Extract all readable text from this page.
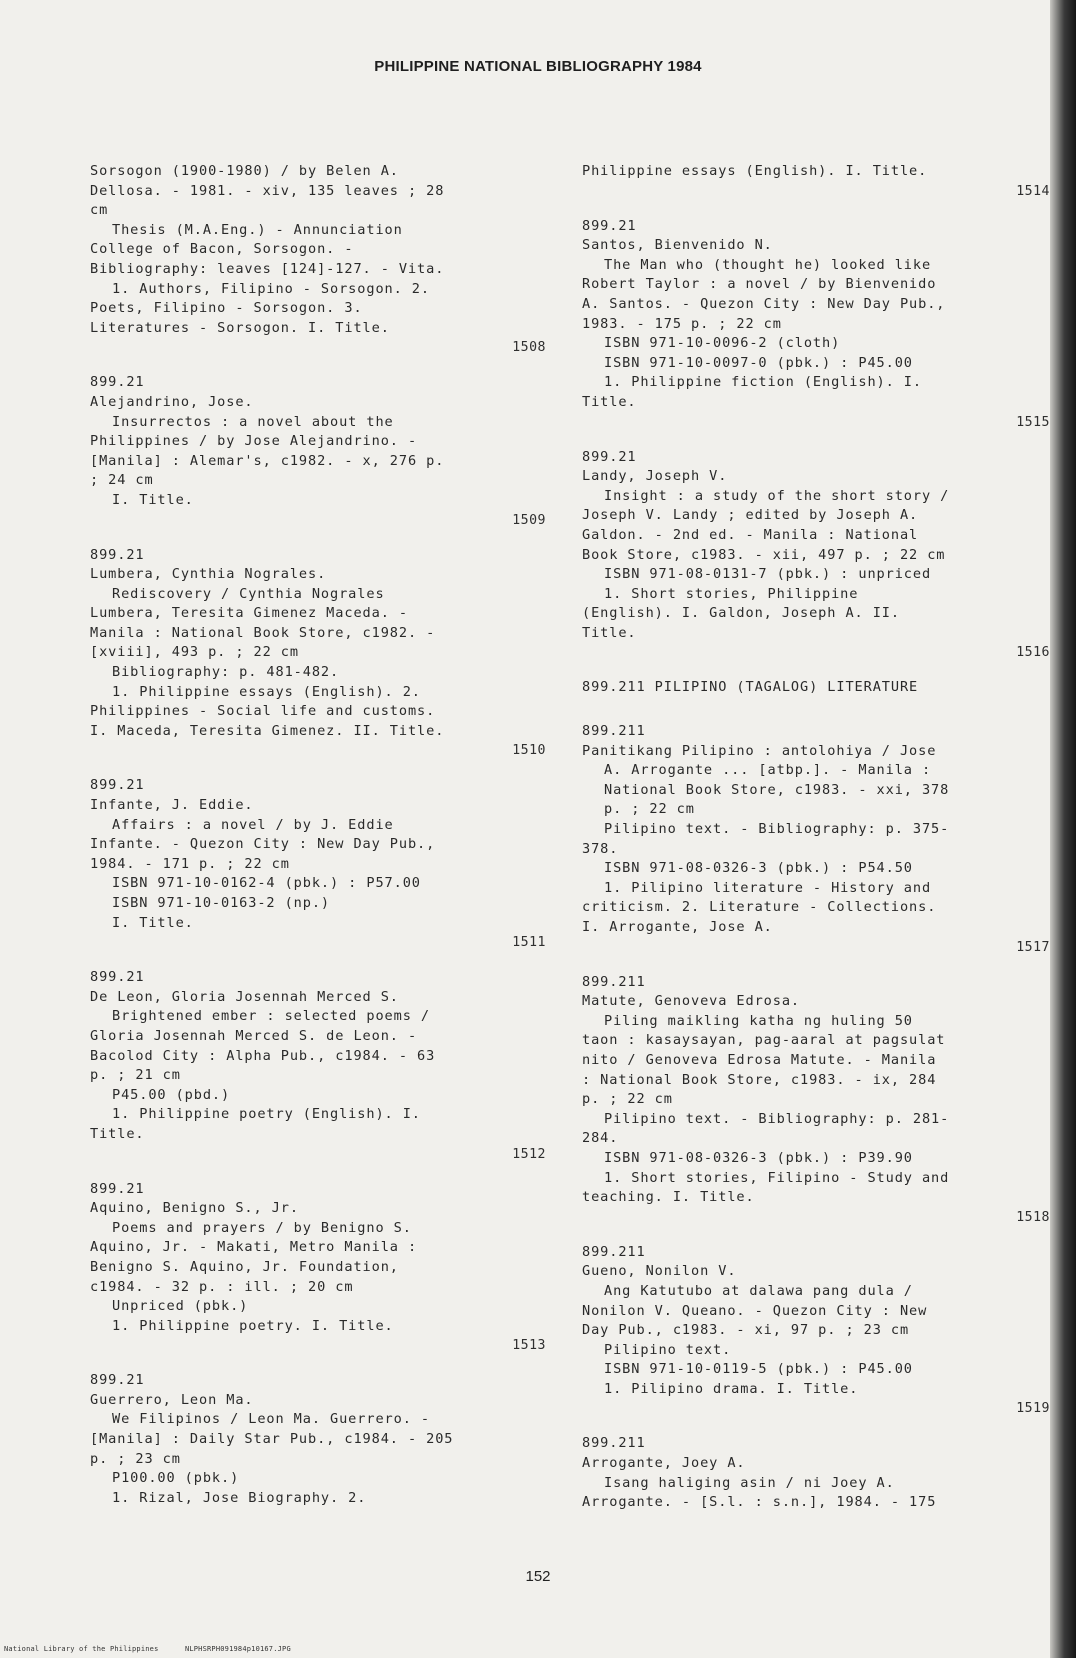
PHILIPPINE NATIONAL BIBLIOGRAPHY 1984
Sorsogon (1900-1980) / by Belen A.
Dellosa. - 1981. - xiv, 135 leaves ; 28
cm
Thesis (M.A.Eng.) - Annunciation
College of Bacon, Sorsogon. -
Bibliography: leaves [124]-127. - Vita.
1. Authors, Filipino - Sorsogon. 2.
Poets, Filipino - Sorsogon. 3.
Literatures - Sorsogon. I. Title.
1508
899.21
Alejandrino, Jose.
Insurrectos : a novel about the
Philippines / by Jose Alejandrino. -
[Manila] : Alemar's, c1982. - x, 276 p.
; 24 cm
I. Title.
1509
899.21
Lumbera, Cynthia Nograles.
Rediscovery / Cynthia Nograles
Lumbera, Teresita Gimenez Maceda. -
Manila : National Book Store, c1982. -
[xviii], 493 p. ; 22 cm
Bibliography: p. 481-482.
1. Philippine essays (English). 2.
Philippines - Social life and customs.
I. Maceda, Teresita Gimenez. II. Title.
1510
899.21
Infante, J. Eddie.
Affairs : a novel / by J. Eddie
Infante. - Quezon City : New Day Pub.,
1984. - 171 p. ; 22 cm
ISBN 971-10-0162-4 (pbk.) : P57.00
ISBN 971-10-0163-2 (np.)
I. Title.
1511
899.21
De Leon, Gloria Josennah Merced S.
Brightened ember : selected poems /
Gloria Josennah Merced S. de Leon. -
Bacolod City : Alpha Pub., c1984. - 63
p. ; 21 cm
P45.00 (pbd.)
1. Philippine poetry (English). I.
Title.
1512
899.21
Aquino, Benigno S., Jr.
Poems and prayers / by Benigno S.
Aquino, Jr. - Makati, Metro Manila :
Benigno S. Aquino, Jr. Foundation,
c1984. - 32 p. : ill. ; 20 cm
Unpriced (pbk.)
1. Philippine poetry. I. Title.
1513
899.21
Guerrero, Leon Ma.
We Filipinos / Leon Ma. Guerrero. -
[Manila] : Daily Star Pub., c1984. - 205
p. ; 23 cm
P100.00 (pbk.)
1. Rizal, Jose Biography. 2.
Philippine essays (English). I. Title.
1514
899.21
Santos, Bienvenido N.
The Man who (thought he) looked like
Robert Taylor : a novel / by Bienvenido
A. Santos. - Quezon City : New Day Pub.,
1983. - 175 p. ; 22 cm
ISBN 971-10-0096-2 (cloth)
ISBN 971-10-0097-0 (pbk.) : P45.00
1. Philippine fiction (English). I.
Title.
1515
899.21
Landy, Joseph V.
Insight : a study of the short story /
Joseph V. Landy ; edited by Joseph A.
Galdon. - 2nd ed. - Manila : National
Book Store, c1983. - xii, 497 p. ; 22 cm
ISBN 971-08-0131-7 (pbk.) : unpriced
1. Short stories, Philippine
(English). I. Galdon, Joseph A. II.
Title.
1516
899.211 PILIPINO (TAGALOG) LITERATURE
899.211
Panitikang Pilipino : antolohiya / Jose
A. Arrogante ... [atbp.]. - Manila :
National Book Store, c1983. - xxi, 378
p. ; 22 cm
Pilipino text. - Bibliography: p. 375-
378.
ISBN 971-08-0326-3 (pbk.) : P54.50
1. Pilipino literature - History and
criticism. 2. Literature - Collections.
I. Arrogante, Jose A.
1517
899.211
Matute, Genoveva Edrosa.
Piling maikling katha ng huling 50
taon : kasaysayan, pag-aaral at pagsulat
nito / Genoveva Edrosa Matute. - Manila
: National Book Store, c1983. - ix, 284
p. ; 22 cm
Pilipino text. - Bibliography: p. 281-
284.
ISBN 971-08-0326-3 (pbk.) : P39.90
1. Short stories, Filipino - Study and
teaching. I. Title.
1518
899.211
Gueno, Nonilon V.
Ang Katutubo at dalawa pang dula /
Nonilon V. Queano. - Quezon City : New
Day Pub., c1983. - xi, 97 p. ; 23 cm
Pilipino text.
ISBN 971-10-0119-5 (pbk.) : P45.00
1. Pilipino drama. I. Title.
1519
899.211
Arrogante, Joey A.
Isang haliging asin / ni Joey A.
Arrogante. - [S.l. : s.n.], 1984. - 175
152
National Library of the Philippines	NLPHSRPH091984p10167.JPG
